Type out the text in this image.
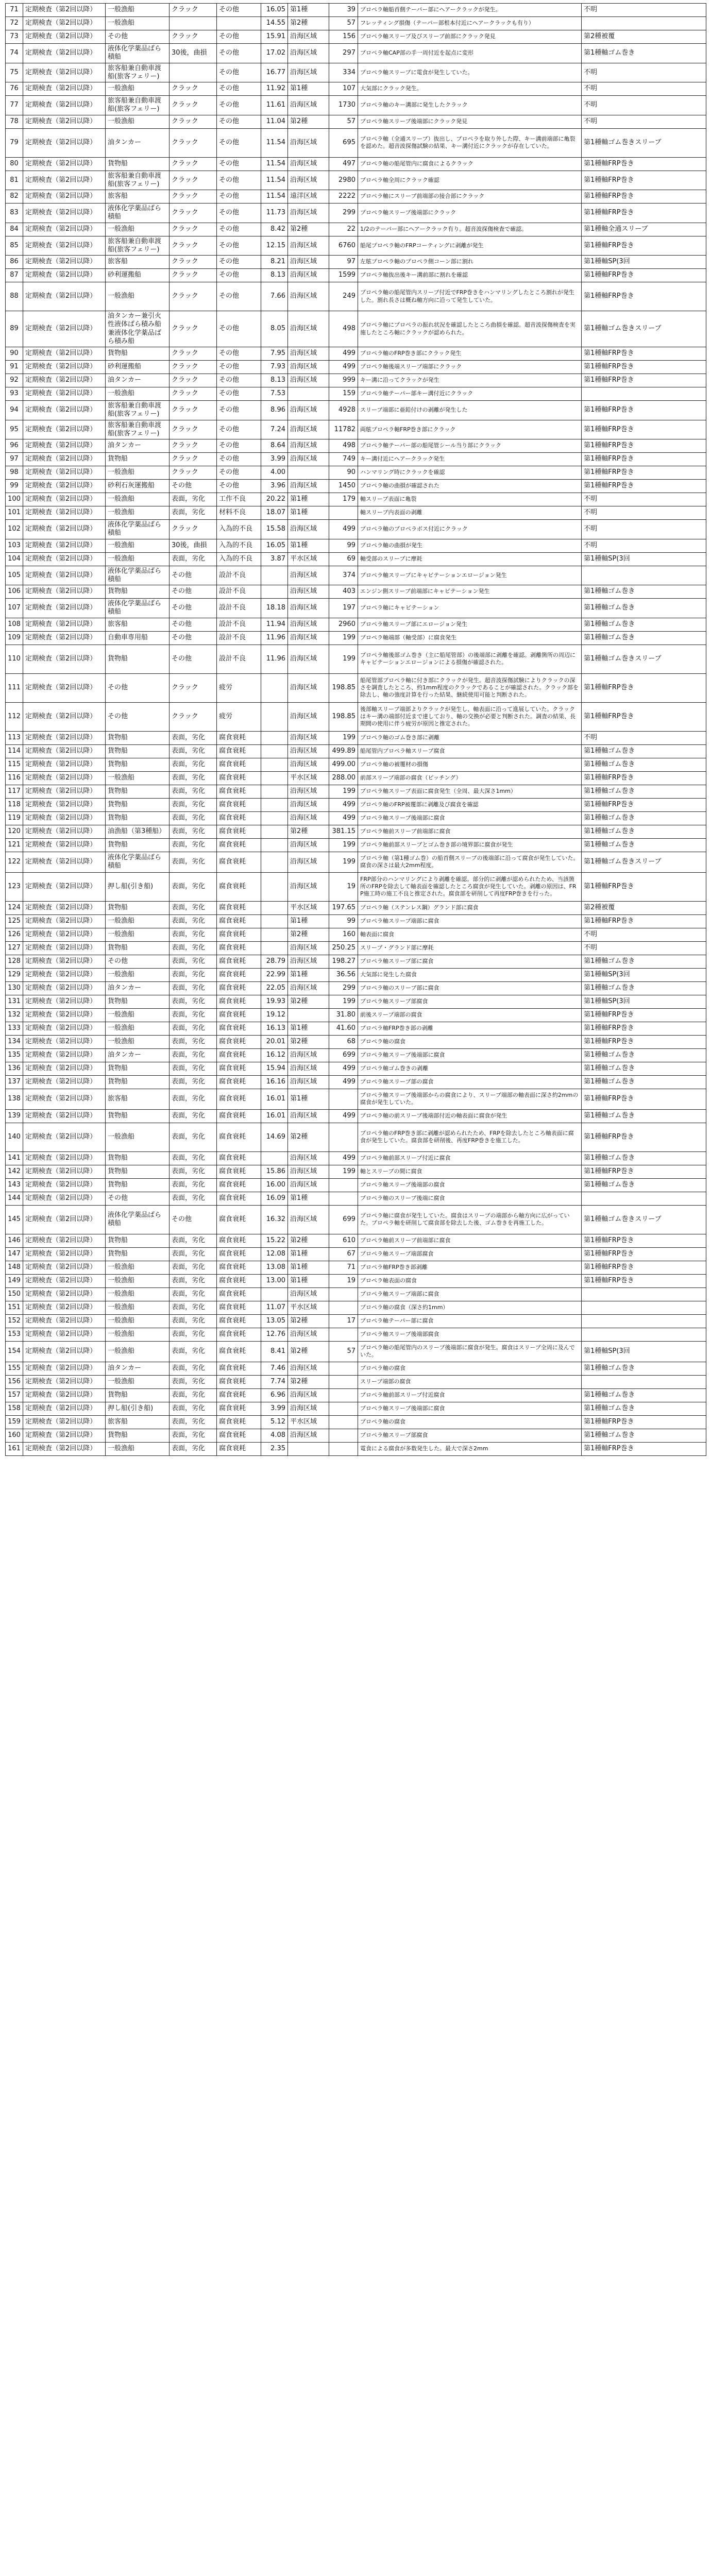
71	定期検査（第2回以降）	一般漁船	クラック	その他	16.05	第1種	39	プロペラ軸船首側テーパー部にヘアークラックが発生。	不明
72	定期検査（第2回以降）	一般漁船			14.55	第2種	57	フレッティング損傷（テーパー部根本付近にヘアークラックも有り）	
73	定期検査（第2回以降）	その他	クラック	その他	15.91	沿海区域	156	プロペラ軸スリーブ及びスリーブ前部にクラック発見	第2種被覆
74	定期検査（第2回以降）	液体化学薬品ばら積船	30後，曲損	その他	17.02	沿海区域	297	プロペラ軸CAP部の手一周付近を起点に変形	第1種軸ゴム巻き
75	定期検査（第2回以降）	旅客船兼自動車渡船(旅客フェリー)		その他	16.77	沿海区域	334	プロペラ軸スリーブに電食が発生していた。	不明
76	定期検査（第2回以降）	一般漁船	クラック	その他	11.92	第1種	107	大気部にクラック発生。	不明
77	定期検査（第2回以降）	旅客船兼自動車渡船(旅客フェリー)	クラック	その他	11.61	沿海区域	1730	プロペラ軸のキー溝部に発生したクラック	不明
78	定期検査（第2回以降）	一般漁船	クラック	その他	11.04	第2種	57	プロペラ軸スリーブ後端部にクラック発見	不明
79	定期検査（第2回以降）	油タンカー	クラック	その他	11.54	沿海区域	695	プロペラ軸（全通スリーブ）抜出し、プロペラを取り外した際、キー溝前端部に亀裂を認めた。超音波探傷試験の結果、キー溝付近にクラックが存在していた。	第1種軸ゴム巻きスリーブ
80	定期検査（第2回以降）	貨物船	クラック	その他	11.54	沿海区域	497	プロペラ軸の船尾管内に腐食によるクラック	第1種軸FRP巻き
81	定期検査（第2回以降）	旅客船兼自動車渡船(旅客フェリー)	クラック	その他	11.54	沿海区域	2980	プロペラ軸全周にクラック確認	第1種軸FRP巻き
82	定期検査（第2回以降）	旅客船	クラック	その他	11.54	遠洋区域	2222	プロペラ軸にスリーブ前端部の接合部にクラック	第1種軸FRP巻き
83	定期検査（第2回以降）	液体化学薬品ばら積船	クラック	その他	11.73	沿海区域	299	プロペラ軸スリーブ後端部にクラック	第1種軸FRP巻き
84	定期検査（第2回以降）	一般漁船	クラック	その他	8.42	第2種	22	1/2のテーパー部にヘアークラック有り。超音波探傷検査で確認。	第1種軸全通スリーブ
85	定期検査（第2回以降）	旅客船兼自動車渡船(旅客フェリー)	クラック	その他	12.15	沿海区域	6760	船尾プロペラ軸のFRPコーティングに剥離が発生	第1種軸FRP巻き
86	定期検査（第2回以降）	旅客船	クラック	その他	8.21	沿海区域	97	左舷プロペラ軸のプロペラ側コーン部に割れ	第1種軸SP(3回
87	定期検査（第2回以降）	砂利運搬船	クラック	その他	8.13	沿海区域	1599	プロペラ軸抜出後キー溝前部に割れを確認	第1種軸FRP巻き
88	定期検査（第2回以降）	一般漁船	クラック	その他	7.66	沿海区域	249	プロペラ軸の船尾管内スリーブ付近でFRP巻きをハンマリングしたところ割れが発生した。割れ長さは概ね軸方向に沿って発生していた。	第1種軸FRP巻き
89	定期検査（第2回以降）	油タンカー兼引火性液体ばら積み船兼液体化学薬品ばら積み船	クラック	その他	8.05	沿海区域	498	プロペラ軸にプロペラの振れ状況を確認したところ曲損を確認。超音波探傷検査を実施したところ軸にクラックが認められた。	第1種軸ゴム巻きスリーブ
90	定期検査（第2回以降）	貨物船	クラック	その他	7.95	沿海区域	499	プロペラ軸のFRP巻き部にクラック発生	第1種軸FRP巻き
91	定期検査（第2回以降）	砂利運搬船	クラック	その他	7.93	沿海区域	499	プロペラ軸後端スリーブ端部にクラック	第1種軸FRP巻き
92	定期検査（第2回以降）	油タンカー	クラック	その他	8.13	沿海区域	999	キー溝に沿ってクラックが発生	第1種軸FRP巻き
93	定期検査（第2回以降）	一般漁船	クラック	その他	7.53		159	プロペラ軸テーパー部キー溝付近にクラック	
94	定期検査（第2回以降）	旅客船兼自動車渡船(旅客フェリー)	クラック	その他	8.96	沿海区域	4928	スリーブ端部に亜鉛付けの剥離が発生した	第1種軸FRP巻き
95	定期検査（第2回以降）	旅客船兼自動車渡船(旅客フェリー)	クラック	その他	7.24	沿海区域	11782	両舷プロペラ軸FRP巻き部にクラック	第1種軸FRP巻き
96	定期検査（第2回以降）	油タンカー	クラック	その他	8.64	沿海区域	498	プロペラ軸テーパー部の船尾管シール当り部にクラック	第1種軸FRP巻き
97	定期検査（第2回以降）	貨物船	クラック	その他	3.99	沿海区域	749	キー溝付近にヘアークラック発生	第1種軸FRP巻き
98	定期検査（第2回以降）	一般漁船	クラック	その他	4.00		90	ハンマリング時にクラックを確認	第1種軸FRP巻き
99	定期検査（第2回以降）	砂利石灰運搬船	その他	その他	3.96	沿海区域	1450	プロペラ軸の曲損が確認された	第1種軸FRP巻き
100	定期検査（第2回以降）	一般漁船	表面，劣化	工作不良	20.22	第1種	179	軸スリーブ表面に亀裂	不明
101	定期検査（第2回以降）	一般漁船	表面，劣化	材料不良	18.07	第1種		軸スリーブ内表面の剥離	不明
102	定期検査（第2回以降）	液体化学薬品ばら積船	クラック	入為的不良	15.58	沿海区域	499	プロペラ軸のプロペラボス付近にクラック	不明
103	定期検査（第2回以降）	一般漁船	30後，曲損	入為的不良	16.05	第1種	99	プロペラ軸の曲損が発生	不明
104	定期検査（第2回以降）	一般漁船	表面，劣化	入為的不良	3.87	平水区域	69	軸受部のスリーブに摩耗	第1種軸SP(3回
105	定期検査（第2回以降）	液体化学薬品ばら積船	その他	設計不良		沿海区域	374	プロペラ軸スリーブにキャビテーションエロージョン発生	
106	定期検査（第2回以降）	貨物船	その他	設計不良		沿海区域	403	エンジン側スリーブ前端部にキャビテーション発生	第1種軸ゴム巻き
107	定期検査（第2回以降）	液体化学薬品ばら積船	その他	設計不良	18.18	沿海区域	197	プロペラ軸にキャビテーション	第1種軸ゴム巻き
108	定期検査（第2回以降）	旅客船	その他	設計不良	11.94	沿海区域	2960	プロペラ軸スリーブ部にエロージョン発生	第1種軸ゴム巻き
109	定期検査（第2回以降）	自動車専用船	その他	設計不良	11.96	沿海区域	199	プロペラ軸端部（軸受部）に腐食発生	第1種軸ゴム巻き
110	定期検査（第2回以降）	貨物船	その他	設計不良	11.96	沿海区域	199	プロペラ軸後部ゴム巻き（主に船尾管部）の後端部に剥離を確認。剥離箇所の周辺にキャビテーションエロージョンによる損傷が確認された。	第1種軸ゴム巻きスリーブ
111	定期検査（第2回以降）	その他	クラック	疲労		沿海区域	198.85	船尾管部プロペラ軸に付き部にクラックが発生。超音波探傷試験によりクラックの深さを調査したところ、約1mm程度のクラックであることが確認された。クラック部を除去し、軸の強度計算を行った結果、継続使用可能と判断された。	第1種軸FRP巻き
112	定期検査（第2回以降）	その他	クラック	疲労		沿海区域	198.85	後部軸スリーブ端部よりクラックが発生し、軸表面に沿って進展していた。クラックはキー溝の端部付近まで達しており、軸の交換が必要と判断された。調査の結果、長期間の使用に伴う疲労が原因と推定された。	第1種軸FRP巻き
113	定期検査（第2回以降）	貨物船	表面，劣化	腐食衰耗		沿海区域	199	プロペラ軸のゴム巻き部に剥離	不明
114	定期検査（第2回以降）	貨物船	表面，劣化	腐食衰耗		沿海区域	499.89	船尾管内プロペラ軸スリーブ腐食	第1種軸ゴム巻き
115	定期検査（第2回以降）	貨物船	表面，劣化	腐食衰耗		沿海区域	499.00	プロペラ軸の被覆材の損傷	第1種軸ゴム巻き
116	定期検査（第2回以降）	一般漁船	表面，劣化	腐食衰耗		平水区域	288.00	前部スリーブ端部の腐食（ピッチング）	第1種軸FRP巻き
117	定期検査（第2回以降）	貨物船	表面，劣化	腐食衰耗		沿海区域	199	プロペラ軸スリーブ表面に腐食発生（全周、最大深さ1mm）	第1種軸ゴム巻き
118	定期検査（第2回以降）	貨物船	表面，劣化	腐食衰耗		沿海区域	499	プロペラ軸のFRP被覆部に剥離及び腐食を確認	第1種軸FRP巻き
119	定期検査（第2回以降）	貨物船	表面，劣化	腐食衰耗		沿海区域	499	プロペラ軸スリーブ後端部に腐食	第1種軸ゴム巻き
120	定期検査（第2回以降）	油漁船（第3種船）	表面，劣化	腐食衰耗		第2種	381.15	プロペラ軸前スリーブ前端部に腐食	第1種軸ゴム巻き
121	定期検査（第2回以降）	貨物船	表面，劣化	腐食衰耗		沿海区域	199	プロペラ軸前部スリーブとゴム巻き部の境界部に腐食が発生	第1種軸ゴム巻き
122	定期検査（第2回以降）	液体化学薬品ばら積船	表面，劣化	腐食衰耗		沿海区域	199	プロペラ軸（第1種ゴム巻）の船首側スリーブの後端部に沿って腐食が発生していた。腐食の深さは最大2mm程度。	第1種軸ゴム巻きスリーブ
123	定期検査（第2回以降）	押し船(引き船)	表面，劣化	腐食衰耗		沿海区域	19	FRP部分のハンマリングにより剥離を確認。部分的に剥離が認められたため、当該箇所のFRPを除去して軸表面を確認したところ腐食が発生していた。剥離の原因は、FRP施工時の施工不良と推定された。腐食部を研削して再度FRP巻きを行った。	第1種軸FRP巻き
124	定期検査（第2回以降）	貨物船	表面，劣化	腐食衰耗		平水区域	197.65	プロペラ軸（ステンレス鋼）グランド部に腐食	第2種被覆
125	定期検査（第2回以降）	一般漁船	表面，劣化	腐食衰耗		第1種	99	プロペラ軸スリーブ端部に腐食	第1種軸FRP巻き
126	定期検査（第2回以降）	一般漁船	表面，劣化	腐食衰耗		第2種	160	軸表面に腐食	不明
127	定期検査（第2回以降）	貨物船	表面，劣化	腐食衰耗		沿海区域	250.25	スリーブ・グランド部に摩耗	不明
128	定期検査（第2回以降）	その他	表面，劣化	腐食衰耗	28.79	沿海区域	198.27	プロペラ軸スリーブ部に腐食	第1種軸ゴム巻き
129	定期検査（第2回以降）	一般漁船	表面，劣化	腐食衰耗	22.99	第1種	36.56	大気部に発生した腐食	第1種軸SP(3回
130	定期検査（第2回以降）	油タンカー	表面，劣化	腐食衰耗	22.05	沿海区域	299	プロペラ軸のスリーブ部に腐食	第1種軸ゴム巻き
131	定期検査（第2回以降）	貨物船	表面，劣化	腐食衰耗	19.93	第2種	199	プロペラ軸スリーブ部腐食	第1種軸SP(3回
132	定期検査（第2回以降）	一般漁船	表面，劣化	腐食衰耗	19.12		31.80	前後スリーブ端部の腐食	第1種軸FRP巻き
133	定期検査（第2回以降）	一般漁船	表面，劣化	腐食衰耗	16.13	第1種	41.60	プロペラ軸FRP巻き部の剥離	第1種軸FRP巻き
134	定期検査（第2回以降）	一般漁船	表面，劣化	腐食衰耗	20.01	第2種	68	プロペラ軸の腐食	第1種軸FRP巻き
135	定期検査（第2回以降）	油タンカー	表面，劣化	腐食衰耗	16.12	沿海区域	699	プロペラ軸スリーブ後端部に腐食	第1種軸ゴム巻き
136	定期検査（第2回以降）	貨物船	表面，劣化	腐食衰耗	15.94	沿海区域	499	プロペラ軸ゴム巻きの剥離	第1種軸ゴム巻き
137	定期検査（第2回以降）	貨物船	表面，劣化	腐食衰耗	16.16	沿海区域	499	プロペラ軸スリーブ部の腐食	第1種軸ゴム巻き
138	定期検査（第2回以降）	旅客船	表面，劣化	腐食衰耗	16.01	第1種		プロペラ軸スリーブ後端部からの腐食により、スリーブ端部の軸表面に深さ約2mmの腐食が発生していた。	第1種軸FRP巻き
139	定期検査（第2回以降）	貨物船	表面，劣化	腐食衰耗	16.01	沿海区域	499	プロペラ軸の前スリーブ後端部付近の軸表面に腐食が発生	第1種軸ゴム巻き
140	定期検査（第2回以降）	一般漁船	表面，劣化	腐食衰耗	14.69	第2種		プロペラ軸のFRP巻き部に剥離が認められたため、FRPを除去したところ軸表面に腐食が発生していた。腐食部を研削後、再度FRP巻きを施工した。	第1種軸FRP巻き
141	定期検査（第2回以降）	貨物船	表面，劣化	腐食衰耗		沿海区域	499	プロペラ軸前部スリーブ付近に腐食	第1種軸ゴム巻き
142	定期検査（第2回以降）	貨物船	表面，劣化	腐食衰耗	15.86	沿海区域	199	軸とスリーブの間に腐食	第1種軸FRP巻き
143	定期検査（第2回以降）	貨物船	表面，劣化	腐食衰耗	16.00	沿海区域		プロペラ軸スリーブ後端部の腐食	第1種軸ゴム巻き
144	定期検査（第2回以降）	その他	表面，劣化	腐食衰耗	16.09	第1種		プロペラ軸のスリーブ後端に腐食	
145	定期検査（第2回以降）	液体化学薬品ばら積船	その他	腐食衰耗	16.32	沿海区域	699	プロペラ軸に腐食が発生していた。腐食はスリーブの端部から軸方向に広がっていた。プロペラ軸を研削して腐食部を除去した後、ゴム巻きを再施工した。	第1種軸ゴム巻きスリーブ
146	定期検査（第2回以降）	貨物船	表面，劣化	腐食衰耗	15.22	第2種	610	プロペラ軸前スリーブ前端部に腐食	第1種軸FRP巻き
147	定期検査（第2回以降）	貨物船	表面，劣化	腐食衰耗	12.08	第1種	67	プロペラ軸スリーブ端部腐食	第1種軸FRP巻き
148	定期検査（第2回以降）	一般漁船	表面，劣化	腐食衰耗	13.08	第1種	71	プロペラ軸FRP巻き部剥離	第1種軸FRP巻き
149	定期検査（第2回以降）	一般漁船	表面，劣化	腐食衰耗	13.00	第1種	19	プロペラ軸表面の腐食	第1種軸FRP巻き
150	定期検査（第2回以降）	一般漁船	表面，劣化	腐食衰耗		沿海区域		プロペラ軸スリーブ端部に腐食	
151	定期検査（第2回以降）	一般漁船	表面，劣化	腐食衰耗	11.07	平水区域		プロペラ軸の腐食（深さ約1mm）	
152	定期検査（第2回以降）	一般漁船	表面，劣化	腐食衰耗	13.05	第2種	17	プロペラ軸テーパー部に腐食	
153	定期検査（第2回以降）	一般漁船	表面，劣化	腐食衰耗	12.76	沿海区域		プロペラ軸スリーブ後端部腐食	
154	定期検査（第2回以降）	一般漁船	表面，劣化	腐食衰耗	8.41	第2種	57	プロペラ軸の船尾管内のスリーブ後端部に腐食が発生。腐食はスリーブ全周に及んでいた。	第1種軸SP(3回
155	定期検査（第2回以降）	油タンカー	表面，劣化	腐食衰耗	7.46	沿海区域		プロペラ軸の腐食	第1種軸ゴム巻き
156	定期検査（第2回以降）	一般漁船	表面，劣化	腐食衰耗	7.74	第2種		スリーブ端部の腐食	
157	定期検査（第2回以降）	貨物船	表面，劣化	腐食衰耗	6.96	沿海区域		プロペラ軸前部スリーブ付近腐食	第1種軸ゴム巻き
158	定期検査（第2回以降）	押し船(引き船)	表面，劣化	腐食衰耗	3.99	沿海区域		プロペラ軸スリーブ後端部に腐食	第1種軸ゴム巻き
159	定期検査（第2回以降）	旅客船	表面，劣化	腐食衰耗	5.12	平水区域		プロペラ軸の腐食	第1種軸FRP巻き
160	定期検査（第2回以降）	貨物船	表面，劣化	腐食衰耗	4.08	沿海区域		プロペラ軸スリーブ部腐食	第1種軸ゴム巻き
161	定期検査（第2回以降）	一般漁船	表面，劣化	腐食衰耗	2.35			電食による腐食が多数発生した。最大で深さ2mm	第1種軸FRP巻き
